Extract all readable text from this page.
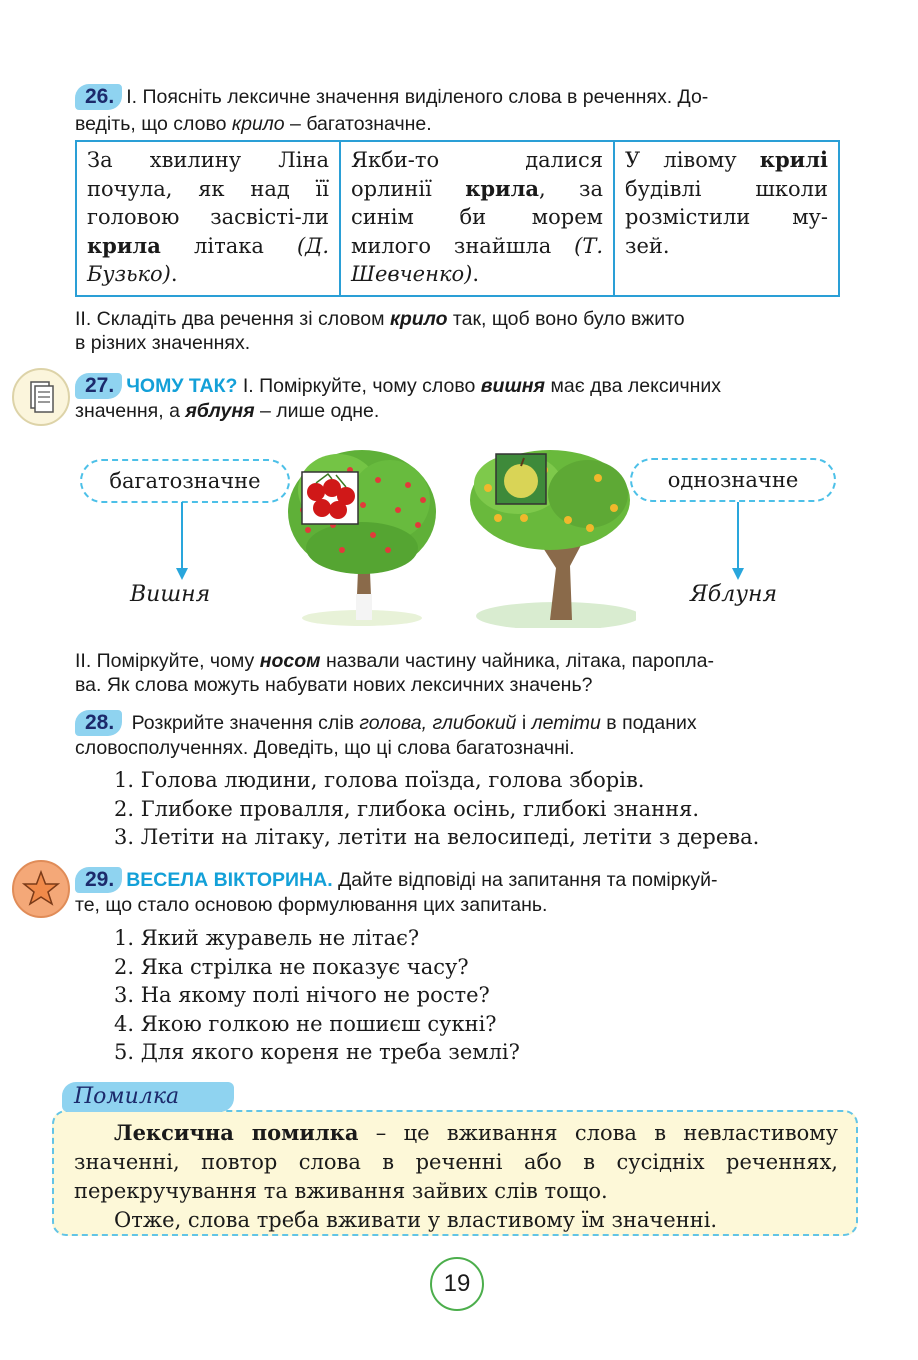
26. І. Поясніть лексичне значення виділеного слова в реченнях. До-
ведіть, що слово крило – багатозначне.
За хвилину Ліна почула, як над її головою засвісті-ли крила літака (Д. Бузько).	Якби-то далися орлинії крила, за синім би морем милого знайшла (Т. Шевченко).	У лівому крилі будівлі школи розмістили му-зей.
ІІ. Складіть два речення зі словом крило так, щоб воно було вжито
в різних значеннях.
27. ЧОМУ ТАК? І. Поміркуйте, чому слово вишня має два лексичних
значення, а яблуня – лише одне.
багатозначне	однозначне
Вишня	Яблуня
ІІ. Поміркуйте, чому носом назвали частину чайника, літака, пароплa-
ва. Як слова можуть набувати нових лексичних значень?
28. Розкрийте значення слів голова, глибокий і летіти в поданих
словосполученнях. Доведіть, що ці слова багатозначні.
1. Голова людини, голова поїзда, голова зборів.
2. Глибоке провалля, глибока осінь, глибокі знання.
3. Летіти на літаку, летіти на велосипеді, летіти з дерева.
29. ВЕСЕЛА ВІКТОРИНА. Дайте відповіді на запитання та поміркуй-
те, що стало основою формулювання цих запитань.
1. Який журавель не літає?
2. Яка стрілка не показує часу?
3. На якому полі нічого не росте?
4. Якою голкою не пошиєш сукні?
5. Для якого кореня не треба землі?
Помилка
Лексична помилка – це вживання слова в невластивому значенні, повтор слова в реченні або в сусідніх реченнях, перекручування та вживання зайвих слів тощо.
Отже, слова треба вживати у властивому їм значенні.
19
